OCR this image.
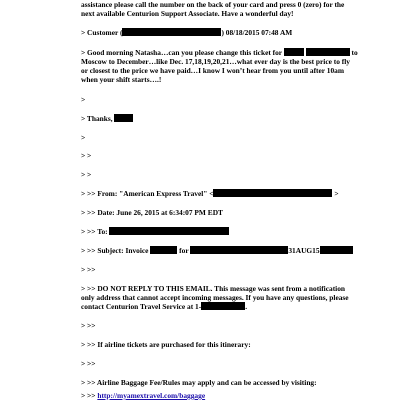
assistance please call the number on the back of your card and press 0 (zero) for the
next available Centurion Support Associate. Have a wonderful day!
> Customer (	) 08/18/2015 07:48 AM
> Good morning Natasha…can you please change this ticket for	to
Moscow to December…like Dec. 17,18,19,20,21…what ever day is the best price to fly
or closest to the price we have paid…I know I won’t hear from you until after 10am
when your shift starts….!
>
> Thanks,
>
> >
> >
> >> From: "American Express Travel" <	>
> >> Date: June 26, 2015 at 6:34:07 PM EDT
> >> To:
> >> Subject: Invoice	for	31AUG15
> >>
> >> DO NOT REPLY TO THIS EMAIL. This message was sent from a notification
only address that cannot accept incoming messages. If you have any questions, please
contact Centurion Travel Service at 1-	.
> >>
> >> If airline tickets are purchased for this itinerary:
> >>
> >> Airline Baggage Fee/Rules may apply and can be accessed by visiting:
> >> http://myamextravel.com/baggage
